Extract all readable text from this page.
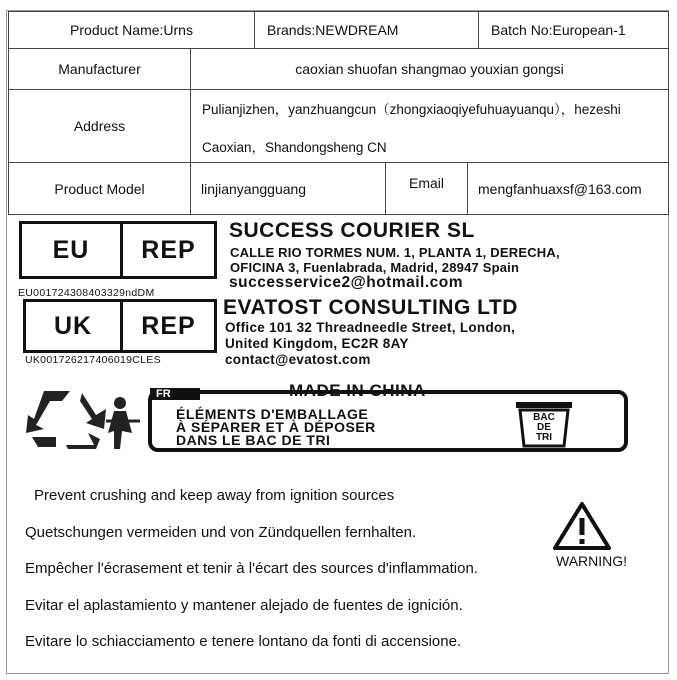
Product Name:Urns	Brands:NEWDREAM	Batch No:European-1
Manufacturer	caoxian shuofan shangmao youxian gongsi
Address
Pulianjizhen，yanzhuangcun（zhongxiaoqiyefuhuayuanqu），hezeshi
Caoxian，Shandongsheng CN
Product Model	linjianyangguang	Email mengfanhuaxsf@163.com
EU	REP
EU001724308403329ndDM
SUCCESS COURIER SL
CALLE RIO TORMES NUM. 1, PLANTA 1, DERECHA,
OFICINA 3, Fuenlabrada, Madrid, 28947 Spain
successervice2@hotmail.com
UK	REP
UK001726217406019CLES
EVATOST CONSULTING LTD
Office 101 32 Threadneedle Street, London,
United Kingdom, EC2R 8AY
contact@evatost.com
MADE IN CHINA
FR
ÉLÉMENTS D'EMBALLAGE
À SÉPARER ET À DÉPOSER
DANS LE BAC DE TRI
BAC
DE
TRI
Prevent crushing and keep away from ignition sources
Quetschungen vermeiden und von Zündquellen fernhalten.
Empêcher l'écrasement et tenir à l'écart des sources d'inflammation.
Evitar el aplastamiento y mantener alejado de fuentes de ignición.
Evitare lo schiacciamento e tenere lontano da fonti di accensione.
WARNING!
